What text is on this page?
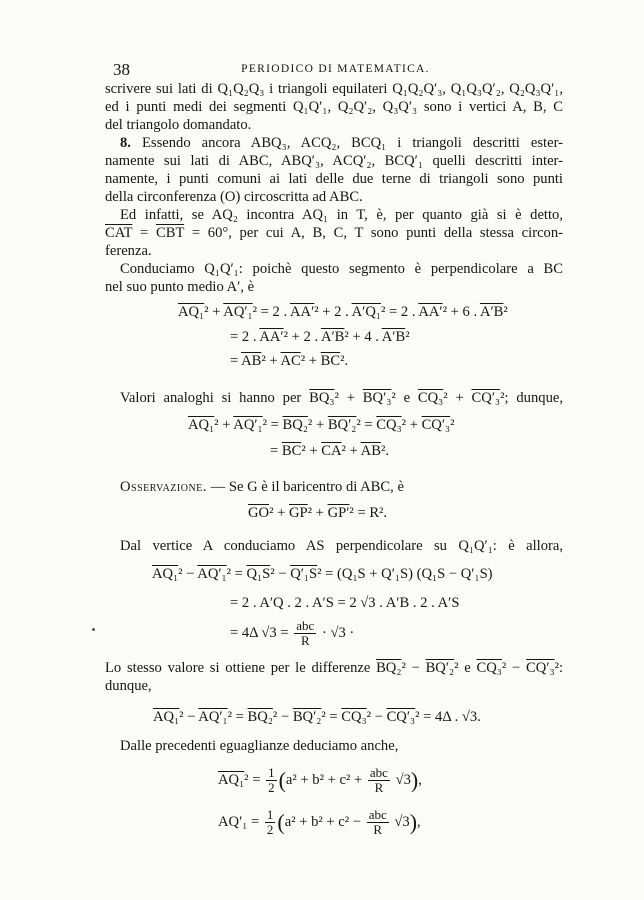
38	PERIODICO DI MATEMATICA.
scrivere sui lati di Q₁Q₂Q₃ i triangoli equilateri Q₁Q₂Q′₃, Q₁Q₃Q′₂, Q₂Q₃Q′₁,
ed i punti medi dei segmenti Q₁Q′₁, Q₂Q′₂, Q₃Q′₃ sono i vertici A, B, C
del triangolo domandato.
8. Essendo ancora ABQ₃, ACQ₂, BCQ₁ i triangoli descritti ester-
namente sui lati di ABC, ABQ′₃, ACQ′₂, BCQ′₁ quelli descritti inter-
namente, i punti comuni ai lati delle due terne di triangoli sono punti
della circonferenza (O) circoscritta ad ABC.
Ed infatti, se AQ₂ incontra AQ₁ in T, è, per quanto già si è detto,
$\overline{CAT} = \overline{CBT} = 60^\circ$, per cui A, B, C, T sono punti della stessa circon-
ferenza.
Conduciamo Q₁Q′₁: poichè questo segmento è perpendicolare a BC
nel suo punto medio A′, è
AQ₁² + AQ′₁² = 2 . AA′² + 2 . A′Q₁² = 2 . AA′² + 6 . A′B²
= 2 . AA′² + 2 . A′B² + 4 . A′B²
= $\overline{AB}^2 + \overline{AC}^2 + \overline{BC}^2$.
Valori analoghi si hanno per BQ₃² + BQ′₃² e CQ₃² + CQ′₃²; dunque,
AQ₁² + AQ′₁² = BQ₂² + BQ′₂² = CQ₃² + CQ′₃²
= $\overline{BC}^2 + \overline{CA}^2 + \overline{AB}^2$.
Osservazione. — Se G è il baricentro di ABC, è
$\overline{GO}^2 + \overline{GP}^2 + GP'^2 = R^2$.
Dal vertice A conduciamo AS perpendicolare su Q₁Q′₁: è allora,
AQ₁² − AQ′₁² = Q₁S² − Q′₁S² = (Q₁S + Q′₁S) (Q₁S − Q′₁S)
= 2 . A′Q . 2 . A′S = 2 √3 . A′B . 2 . A′S
= 4Δ $√3 = \frac{\text{abc}}{R} \cdot √3$ ·
Lo stesso valore si ottiene per le differenze BQ₂² − BQ′₂² e CQ₃² − CQ′₃²:
dunque,
AQ₁² − AQ′₁² = BQ₂² − BQ′₂² = CQ₃² − CQ′₃² = 4Δ . √3.
Dalle precedenti eguaglianze deduciamo anche,
$AQ_1^2 = \frac{1}{2} (a^2 + b^2 + c^2 + \frac{\text{abc}}{R} √3)$,
$AQ'_1 = \frac{1}{2} (a^2 + b^2 + c^2 - \frac{\text{abc}}{R} √3)$,
